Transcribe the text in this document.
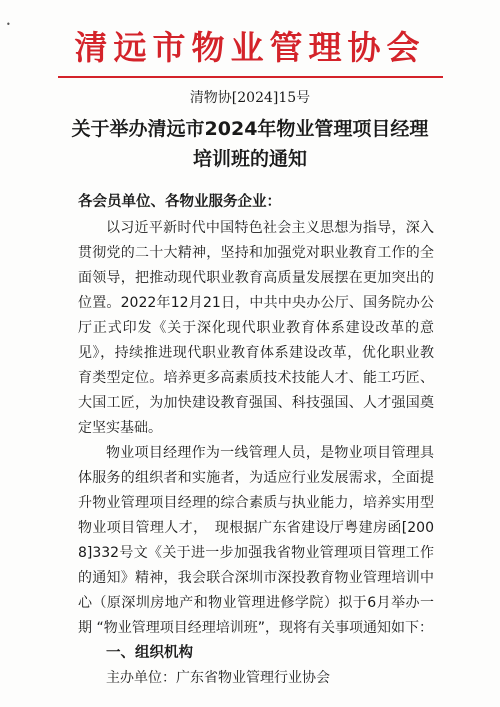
•
清远市物业管理协会
清物协[2024]15号
关于举办清远市2024年物业管理项目经理
培训班的通知
各会员单位、各物业服务企业：

以习近平新时代中国特色社会主义思想为指导，深入贯彻党的二十大精神，坚持和加强党对职业教育工作的全面领导，把推动现代职业教育高质量发展摆在更加突出的位置。2022年12月21日，中共中央办公厅、国务院办公厅正式印发《关于深化现代职业教育体系建设改革的意见》，持续推进现代职业教育体系建设改革，优化职业教育类型定位。培养更多高素质技术技能人才、能工巧匠、大国工匠，为加快建设教育强国、科技强国、人才强国奠定坚实基础。

物业项目经理作为一线管理人员，是物业项目管理具体服务的组织者和实施者，为适应行业发展需求，全面提升物业管理项目经理的综合素质与执业能力，培养实用型物业项目管理人才，　现根据广东省建设厅粤建房函[2008]332号文《关于进一步加强我省物业管理项目管理工作的通知》精神，我会联合深圳市深投教育物业管理培训中心（原深圳房地产和物业管理进修学院）拟于6月举办一期 “物业管理项目经理培训班”，现将有关事项通知如下：

一、组织机构

主办单位：广东省物业管理行业协会
